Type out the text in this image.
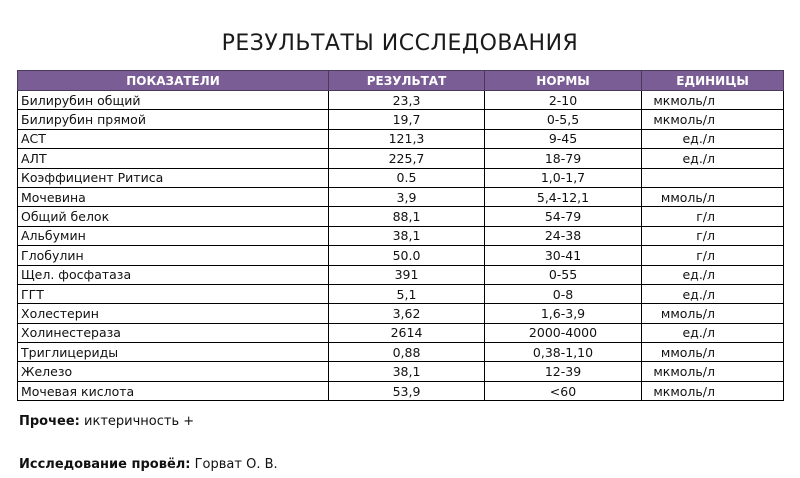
РЕЗУЛЬТАТЫ ИССЛЕДОВАНИЯ
ПОКАЗАТЕЛИ	РЕЗУЛЬТАТ	НОРМЫ	ЕДИНИЦЫ
Билирубин общий	23,3	2-10	мкмоль/л
Билирубин прямой	19,7	0-5,5	мкмоль/л
АСТ	121,3	9-45	ед./л
АЛТ	225,7	18-79	ед./л
Коэффициент Ритиса	0.5	1,0-1,7	
Мочевина	3,9	5,4-12,1	ммоль/л
Общий белок	88,1	54-79	г/л
Альбумин	38,1	24-38	г/л
Глобулин	50.0	30-41	г/л
Щел. фосфатаза	391	0-55	ед./л
ГГТ	5,1	0-8	ед./л
Холестерин	3,62	1,6-3,9	ммоль/л
Холинестераза	2614	2000-4000	ед./л
Триглицериды	0,88	0,38-1,10	ммоль/л
Железо	38,1	12-39	мкмоль/л
Мочевая кислота	53,9	<60	мкмоль/л
Прочее: иктеричность +
Исследование провёл: Горват О. В.
